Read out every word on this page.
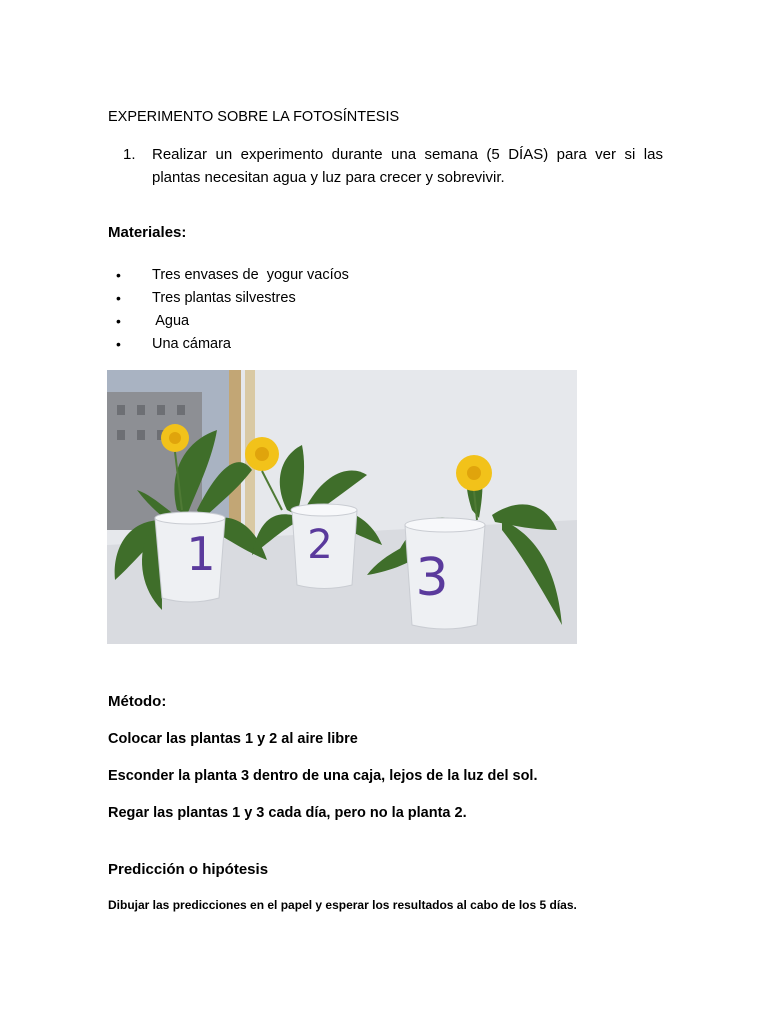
EXPERIMENTO SOBRE LA FOTOSÍNTESIS
1.	Realizar un experimento durante una semana (5 DÍAS) para ver si las plantas necesitan agua y luz para crecer y sobrevivir.
Materiales:
• Tres envases de  yogur vacíos
• Tres plantas silvestres
• Agua
• Una cámara
1 2
3
Método:
Colocar las plantas 1 y 2 al aire libre
Esconder la planta 3 dentro de una caja, lejos de la luz del sol.
Regar las plantas 1 y 3 cada día, pero no la planta 2.
Predicción o hipótesis
Dibujar las predicciones en el papel y esperar los resultados al cabo de los 5 días.
